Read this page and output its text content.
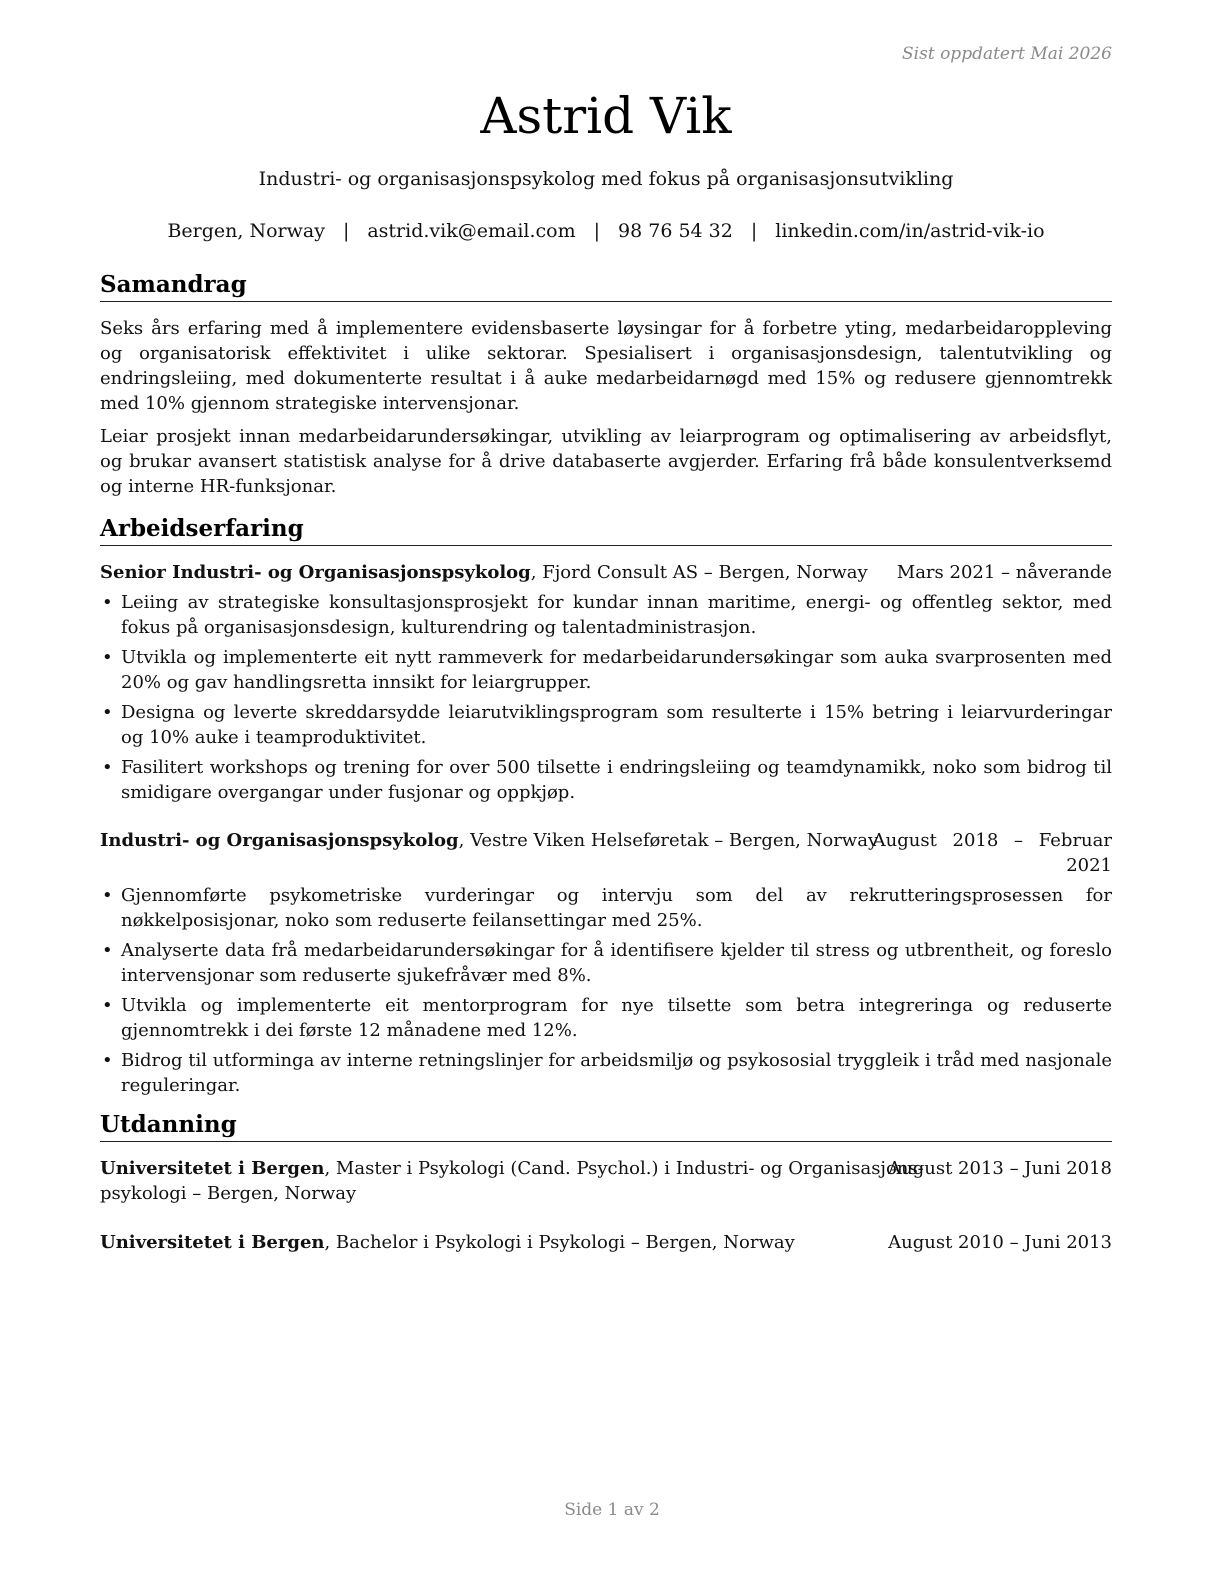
Sist oppdatert Mai 2026
Astrid Vik
Industri- og organisasjonspsykolog med fokus på organisasjonsutvikling
Bergen, Norway | astrid.vik@email.com | 98 76 54 32 | linkedin.com/in/astrid-vik-io
Samandrag

Seks års erfaring med å implementere evidensbaserte løysingar for å forbetre yting, medarbeidaroppleving og organisatorisk effektivitet i ulike sektorar. Spesialisert i organisasjonsdesign, talentutvikling og endringsleiing, med dokumenterte resultat i å auke medarbeidarnøgd med 15% og redusere gjennomtrekk med 10% gjennom strategiske intervensjonar.

Leiar prosjekt innan medarbeidarundersøkingar, utvikling av leiarprogram og optimalisering av arbeidsflyt, og brukar avansert statistisk analyse for å drive databaserte avgjerder. Erfaring frå både konsulentverksemd og interne HR-funksjonar.

Arbeidserfaring
Senior Industri- og Organisasjonspsykolog, Fjord Consult AS – Bergen, Norway	Mars 2021 – nåverande
• Leiing av strategiske konsultasjonsprosjekt for kundar innan maritime, energi- og offentleg sektor, med fokus på organisasjonsdesign, kulturendring og talentadministrasjon.
• Utvikla og implementerte eit nytt rammeverk for medarbeidarundersøkingar som auka svarprosenten med 20% og gav handlingsretta innsikt for leiargrupper.
• Designa og leverte skreddarsydde leiarutviklingsprogram som resulterte i 15% betring i leiarvurderingar og 10% auke i teamproduktivitet.
• Fasilitert workshops og trening for over 500 tilsette i endringsleiing og teamdynamikk, noko som bidrog til smidigare overgangar under fusjonar og oppkjøp.
Industri- og Organisasjonspsykolog, Vestre Viken Helseføretak – Bergen, Norway
August 2018 – Februar
2021
• Gjennomførte psykometriske vurderingar og intervju som del av rekrutteringsprosessen for nøkkelposisjonar, noko som reduserte feilansettingar med 25%.
• Analyserte data frå medarbeidarundersøkingar for å identifisere kjelder til stress og utbrentheit, og foreslo intervensjonar som reduserte sjukefråvær med 8%.
• Utvikla og implementerte eit mentorprogram for nye tilsette som betra integreringa og reduserte gjennomtrekk i dei første 12 månadene med 12%.
• Bidrog til utforminga av interne retningslinjer for arbeidsmiljø og psykososial tryggleik i tråd med nasjonale reguleringar.
Utdanning
Universitetet i Bergen, Master i Psykologi (Cand. Psychol.) i Industri- og Organisasjons-
psykologi – Bergen, Norway
August 2013 – Juni 2018
Universitetet i Bergen, Bachelor i Psykologi i Psykologi – Bergen, Norway	August 2010 – Juni 2013
Side 1 av 2
